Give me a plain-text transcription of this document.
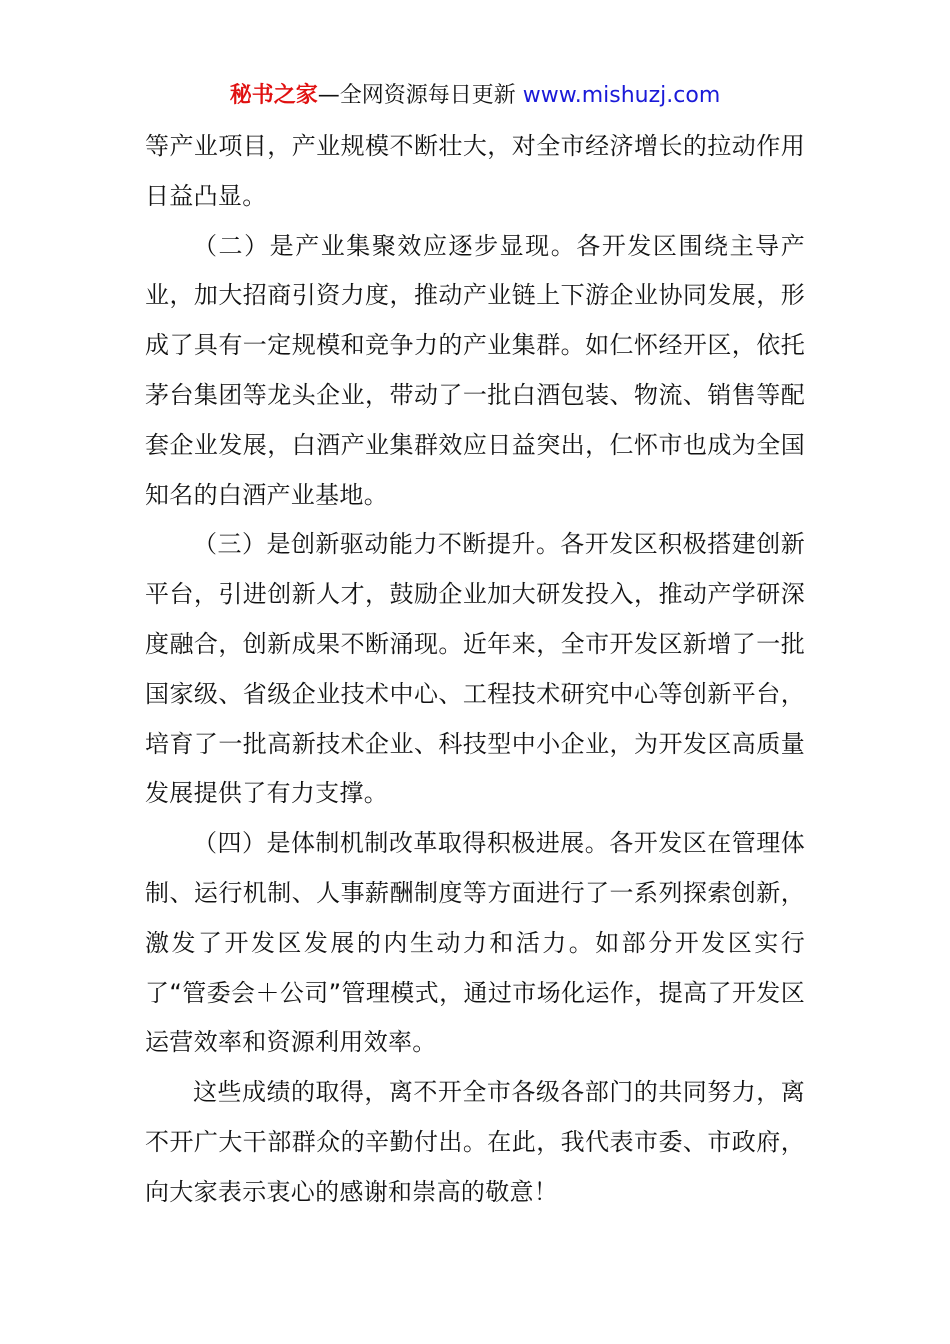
秘书之家—全网资源每日更新 www.mishuzj.com

等产业项目，产业规模不断壮大，对全市经济增长的拉动作用日益凸显。

（二）是产业集聚效应逐步显现。各开发区围绕主导产业，加大招商引资力度，推动产业链上下游企业协同发展，形成了具有一定规模和竞争力的产业集群。如仁怀经开区，依托茅台集团等龙头企业，带动了一批白酒包装、物流、销售等配套企业发展，白酒产业集群效应日益突出，仁怀市也成为全国知名的白酒产业基地。

（三）是创新驱动能力不断提升。各开发区积极搭建创新平台，引进创新人才，鼓励企业加大研发投入，推动产学研深度融合，创新成果不断涌现。近年来，全市开发区新增了一批国家级、省级企业技术中心、工程技术研究中心等创新平台，培育了一批高新技术企业、科技型中小企业，为开发区高质量发展提供了有力支撑。

（四）是体制机制改革取得积极进展。各开发区在管理体制、运行机制、人事薪酬制度等方面进行了一系列探索创新，激发了开发区发展的内生动力和活力。如部分开发区实行了“管委会＋公司”管理模式，通过市场化运作，提高了开发区运营效率和资源利用效率。

这些成绩的取得，离不开全市各级各部门的共同努力，离不开广大干部群众的辛勤付出。在此，我代表市委、市政府，向大家表示衷心的感谢和崇高的敬意！
